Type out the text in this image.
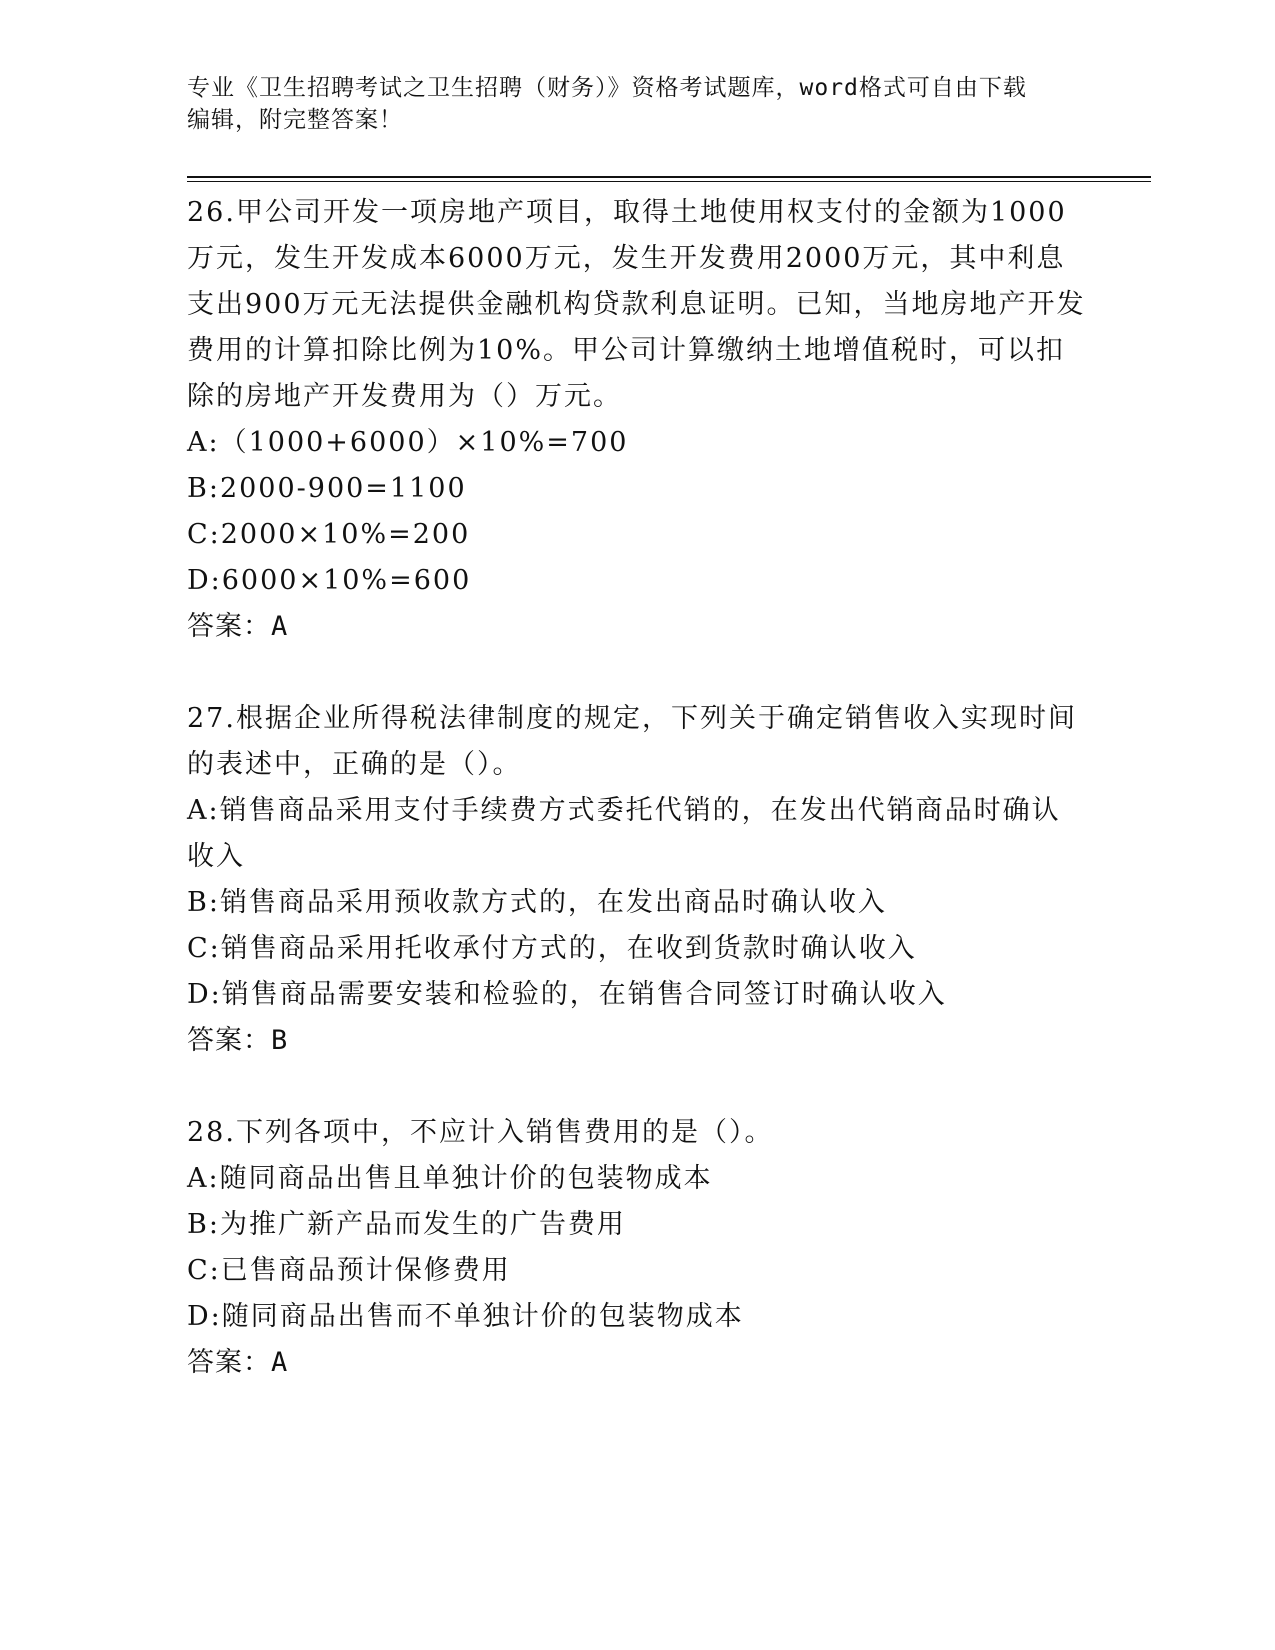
专业《卫生招聘考试之卫生招聘（财务）》资格考试题库，word格式可自由下载
编辑，附完整答案！
26.甲公司开发一项房地产项目，取得土地使用权支付的金额为1000万元，发生开发成本6000万元，发生开发费用2000万元，其中利息支出900万元无法提供金融机构贷款利息证明。已知，当地房地产开发费用的计算扣除比例为10%。甲公司计算缴纳土地增值税时，可以扣除的房地产开发费用为（）万元。
A:（1000+6000）×10%=700
B:2000-900=1100
C:2000×10%=200
D:6000×10%=600
答案：A
27.根据企业所得税法律制度的规定，下列关于确定销售收入实现时间的表述中，正确的是（）。
A:销售商品采用支付手续费方式委托代销的，在发出代销商品时确认收入
B:销售商品采用预收款方式的，在发出商品时确认收入
C:销售商品采用托收承付方式的，在收到货款时确认收入
D:销售商品需要安装和检验的，在销售合同签订时确认收入
答案：B
28.下列各项中，不应计入销售费用的是（）。
A:随同商品出售且单独计价的包装物成本
B:为推广新产品而发生的广告费用
C:已售商品预计保修费用
D:随同商品出售而不单独计价的包装物成本
答案：A
